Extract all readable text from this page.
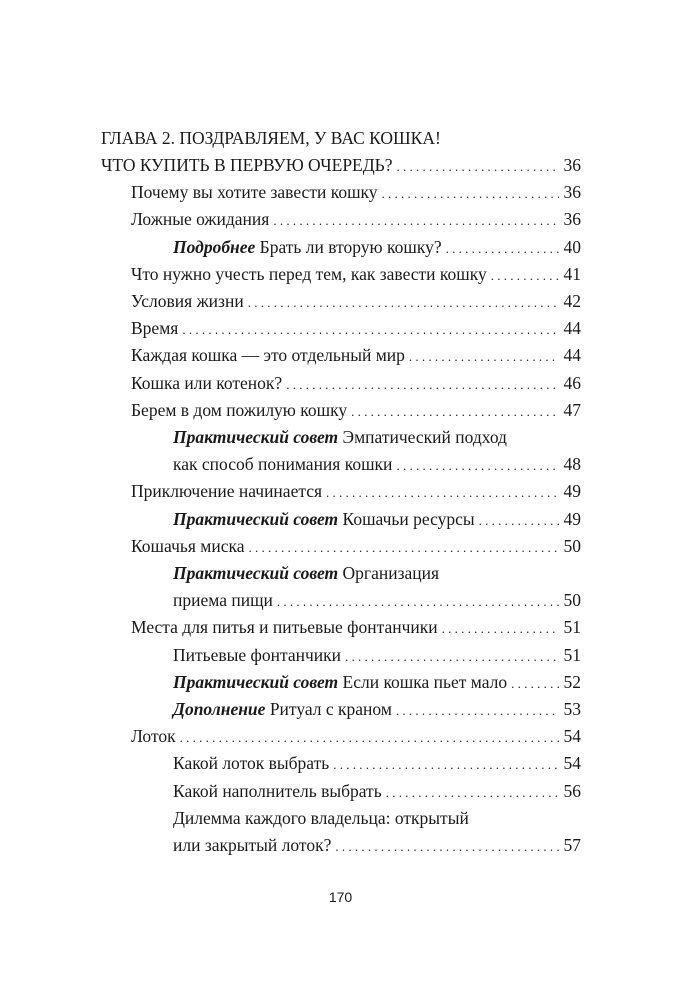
ГЛАВА 2. ПОЗДРАВЛЯЕМ, У ВАС КОШКА!
ЧТО КУПИТЬ В ПЕРВУЮ ОЧЕРЕДЬ? . . .	36
Почему вы хотите завести кошку . . .	36
Ложные ожидания . . .	36
Подробнее Брать ли вторую кошку? . . .	40
Что нужно учесть перед тем, как завести кошку . . .	41
Условия жизни . . .	42
Время . . .	44
Каждая кошка — это отдельный мир . . .	44
Кошка или котенок? . . .	46
Берем в дом пожилую кошку . . .	47
Практический совет Эмпатический подход
как способ понимания кошки . . .	48
Приключение начинается . . .	49
Практический совет Кошачьи ресурсы . . .	49
Кошачья миска . . .	50
Практический совет Организация
приема пищи . . .	50
Места для питья и питьевые фонтанчики . . .	51
Питьевые фонтанчики . . .	51
Практический совет Если кошка пьет мало . . .	52
Дополнение Ритуал с краном . . .	53
Лоток . . .	54
Какой лоток выбрать . . .	54
Какой наполнитель выбрать . . .	56
Дилемма каждого владельца: открытый
или закрытый лоток? . . .	57
170
